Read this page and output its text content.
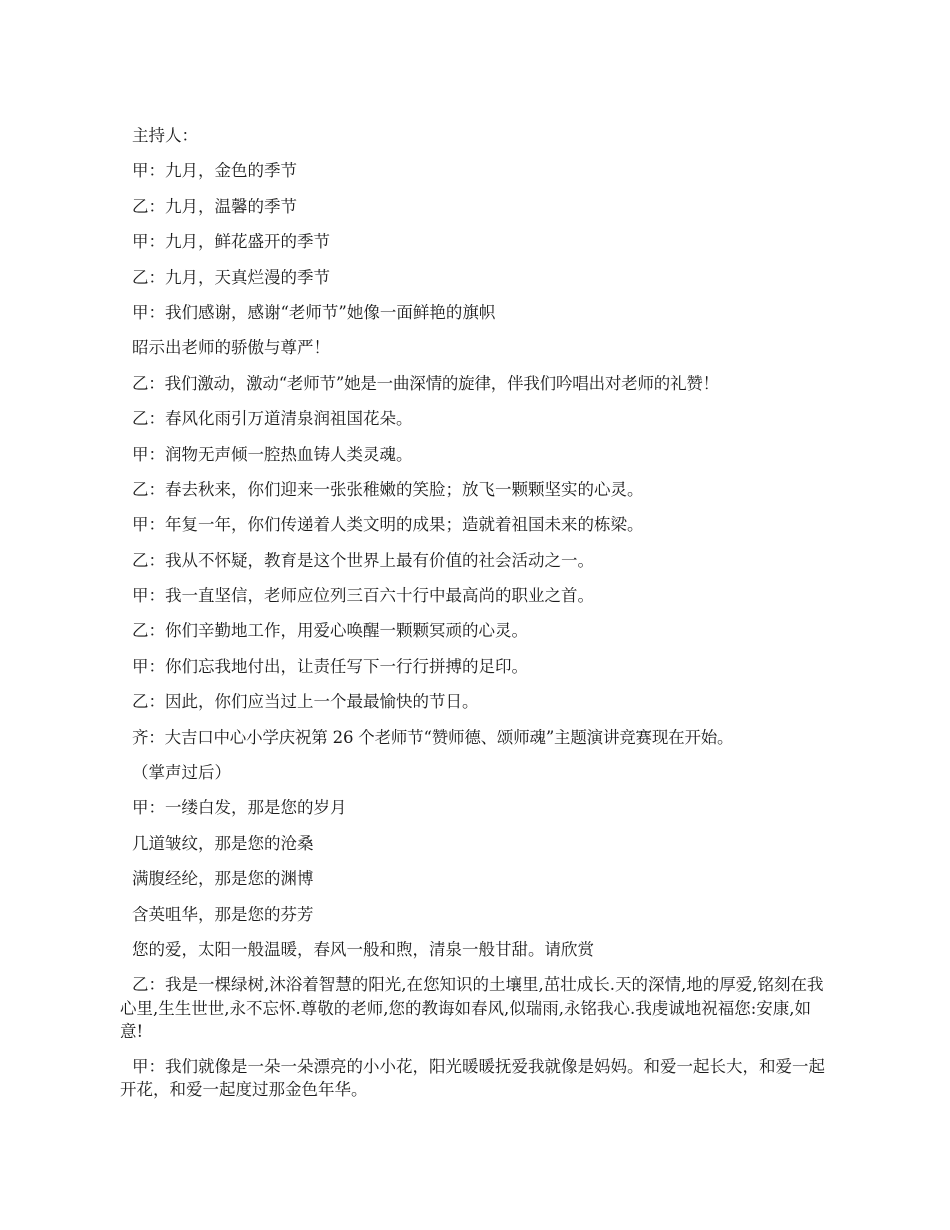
主持人：
甲：九月，金色的季节
乙：九月，温馨的季节
甲：九月，鲜花盛开的季节
乙：九月，天真烂漫的季节
甲：我们感谢，感谢“老师节”她像一面鲜艳的旗帜
昭示出老师的骄傲与尊严！
乙：我们激动，激动“老师节”她是一曲深情的旋律，伴我们吟唱出对老师的礼赞！
乙：春风化雨引万道清泉润祖国花朵。
甲：润物无声倾一腔热血铸人类灵魂。
乙：春去秋来，你们迎来一张张稚嫩的笑脸；放飞一颗颗坚实的心灵。
甲：年复一年，你们传递着人类文明的成果；造就着祖国未来的栋梁。
乙：我从不怀疑，教育是这个世界上最有价值的社会活动之一。
甲：我一直坚信，老师应位列三百六十行中最高尚的职业之首。
乙：你们辛勤地工作，用爱心唤醒一颗颗冥顽的心灵。
甲：你们忘我地付出，让责任写下一行行拼搏的足印。
乙：因此，你们应当过上一个最最愉快的节日。
齐：大吉口中心小学庆祝第 26 个老师节“赞师德、颂师魂”主题演讲竞赛现在开始。
（掌声过后）
甲：一缕白发，那是您的岁月
几道皱纹，那是您的沧桑
满腹经纶，那是您的渊博
含英咀华，那是您的芬芳
您的爱，太阳一般温暖，春风一般和煦，清泉一般甘甜。请欣赏
乙：我是一棵绿树,沐浴着智慧的阳光,在您知识的土壤里,茁壮成长.天的深情,地的厚爱,铭刻在我心里,生生世世,永不忘怀.尊敬的老师,您的教诲如春风,似瑞雨,永铭我心.我虔诚地祝福您:安康,如意!
甲：我们就像是一朵一朵漂亮的小小花，阳光暖暖抚爱我就像是妈妈。和爱一起长大，和爱一起开花，和爱一起度过那金色年华。
